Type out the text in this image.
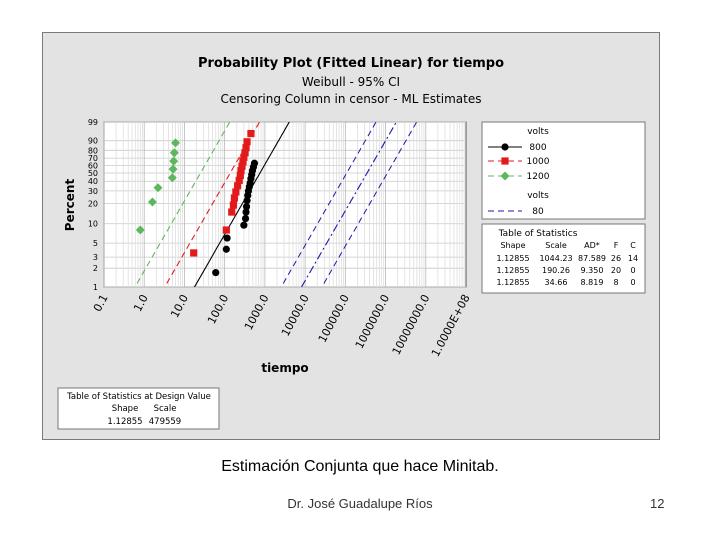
Probability Plot (Fitted Linear) for tiempo
Weibull - 95% CI
Censoring Column in censor - ML Estimates
1
2
3
5
10
20
30
40
50
60
70
80
90
99
0.1 1.0 10.0 100.0 1000.0 10000.0 100000.0 1000000.0
10000000.0
1.0000E+08
tiempo
Percent
volts
800
1000
1200
volts
80
Table of Statistics
Shape Scale AD* F C
1.12855 1044.23 87.589 26 14
1.12855 190.26 9.350 20 0
1.12855 34.66 8.819 8 0
Table of Statistics at Design Value
Shape Scale
1.12855 479559
Estimación Conjunta que hace Minitab.
Dr. José Guadalupe Ríos	12
